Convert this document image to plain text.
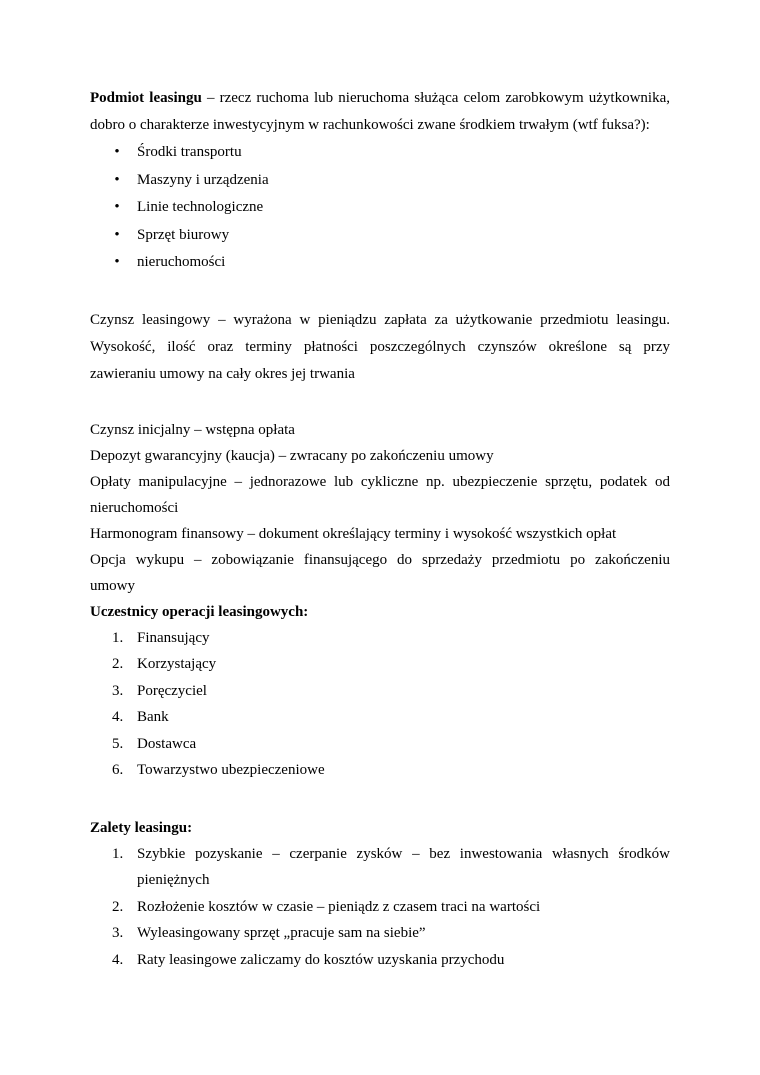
Podmiot leasingu – rzecz ruchoma lub nieruchoma służąca celom zarobkowym użytkownika,

dobro o charakterze inwestycyjnym w rachunkowości zwane środkiem trwałym (wtf fuksa?):

• Środki transportu
• Maszyny i urządzenia
• Linie technologiczne
• Sprzęt biurowy
• nieruchomości

Czynsz leasingowy – wyrażona w pieniądzu zapłata za użytkowanie przedmiotu leasingu.

Wysokość, ilość oraz terminy płatności poszczególnych czynszów określone są przy

zawieraniu umowy na cały okres jej trwania

Czynsz inicjalny – wstępna opłata

Depozyt gwarancyjny (kaucja) – zwracany po zakończeniu umowy

Opłaty manipulacyjne – jednorazowe lub cykliczne np. ubezpieczenie sprzętu, podatek od

nieruchomości

Harmonogram finansowy – dokument określający terminy i wysokość wszystkich opłat

Opcja wykupu – zobowiązanie finansującego do sprzedaży przedmiotu po zakończeniu

umowy

Uczestnicy operacji leasingowych:

1. Finansujący
2. Korzystający
3. Poręczyciel
4. Bank
5. Dostawca
6. Towarzystwo ubezpieczeniowe

Zalety leasingu:

1. Szybkie pozyskanie – czerpanie zysków – bez inwestowania własnych środków
pieniężnych
2. Rozłożenie kosztów w czasie – pieniądz z czasem traci na wartości
3. Wyleasingowany sprzęt „pracuje sam na siebie”
4. Raty leasingowe zaliczamy do kosztów uzyskania przychodu
